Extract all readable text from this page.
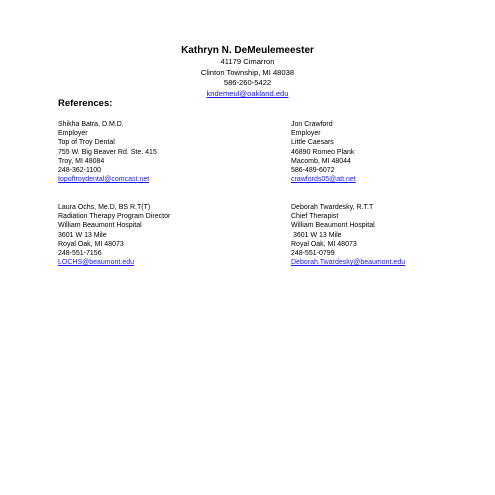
Kathryn N. DeMeulemeester
41179 Cimarron
Clinton Township, MI 48038
586-260-5422
kndemeul@oakland.edu
References:
Shikha Batra, D.M.D.
Employer
Top of Troy Dental
755 W. Big Beaver Rd. Ste. 415
Troy, MI 48084
248-362-1100
topoftroydental@comcast.net
Jon Crawford
Employer
Little Caesars
46890 Romeo Plank
Macomb, MI 48044
586-489-6072
crawfords05@att.net
Laura Ochs, Me.D, BS R.T(T)
Radiation Therapy Program Director
William Beaumont Hospital
3601 W 13 Mile
Royal Oak, MI 48073
248-551-7156
LOCHS@beaumont.edu
Deborah Twardesky, R.T.T
Chief Therapist
William Beaumont Hospital
3601 W 13 Mile
Royal Oak, MI 48073
248-551-0799
Deborah.Twardesky@beaumont.edu
